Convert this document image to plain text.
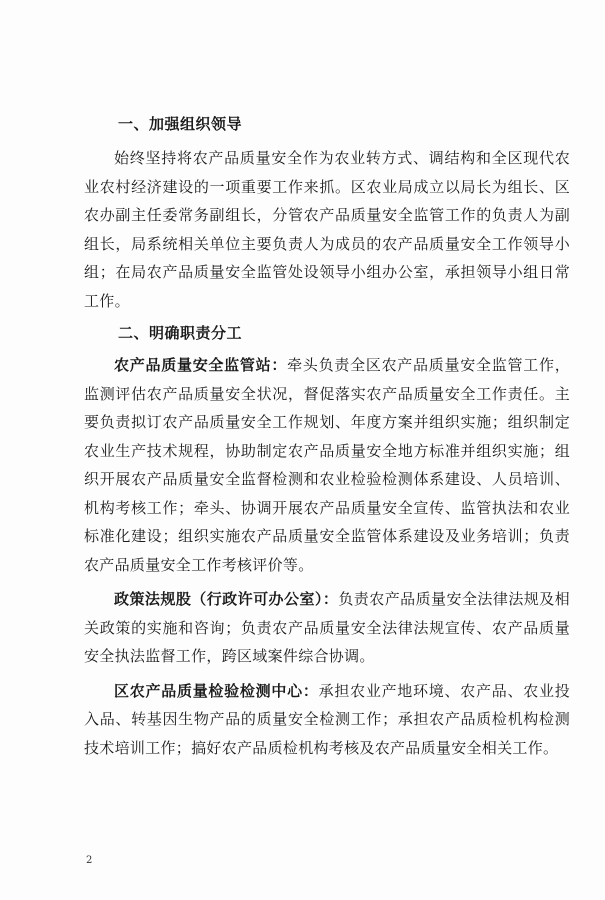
一、加强组织领导

始终坚持将农产品质量安全作为农业转方式、调结构和全区现代农业农村经济建设的一项重要工作来抓。区农业局成立以局长为组长、区农办副主任委常务副组长，分管农产品质量安全监管工作的负责人为副组长，局系统相关单位主要负责人为成员的农产品质量安全工作领导小组；在局农产品质量安全监管处设领导小组办公室，承担领导小组日常工作。

二、明确职责分工

农产品质量安全监管站：牵头负责全区农产品质量安全监管工作，监测评估农产品质量安全状况，督促落实农产品质量安全工作责任。主要负责拟订农产品质量安全工作规划、年度方案并组织实施；组织制定农业生产技术规程，协助制定农产品质量安全地方标准并组织实施；组织开展农产品质量安全监督检测和农业检验检测体系建设、人员培训、机构考核工作；牵头、协调开展农产品质量安全宣传、监管执法和农业标准化建设；组织实施农产品质量安全监管体系建设及业务培训；负责农产品质量安全工作考核评价等。

政策法规股（行政许可办公室）：负责农产品质量安全法律法规及相关政策的实施和咨询；负责农产品质量安全法律法规宣传、农产品质量安全执法监督工作，跨区域案件综合协调。

区农产品质量检验检测中心：承担农业产地环境、农产品、农业投入品、转基因生物产品的质量安全检测工作；承担农产品质检机构检测技术培训工作；搞好农产品质检机构考核及农产品质量安全相关工作。

2
